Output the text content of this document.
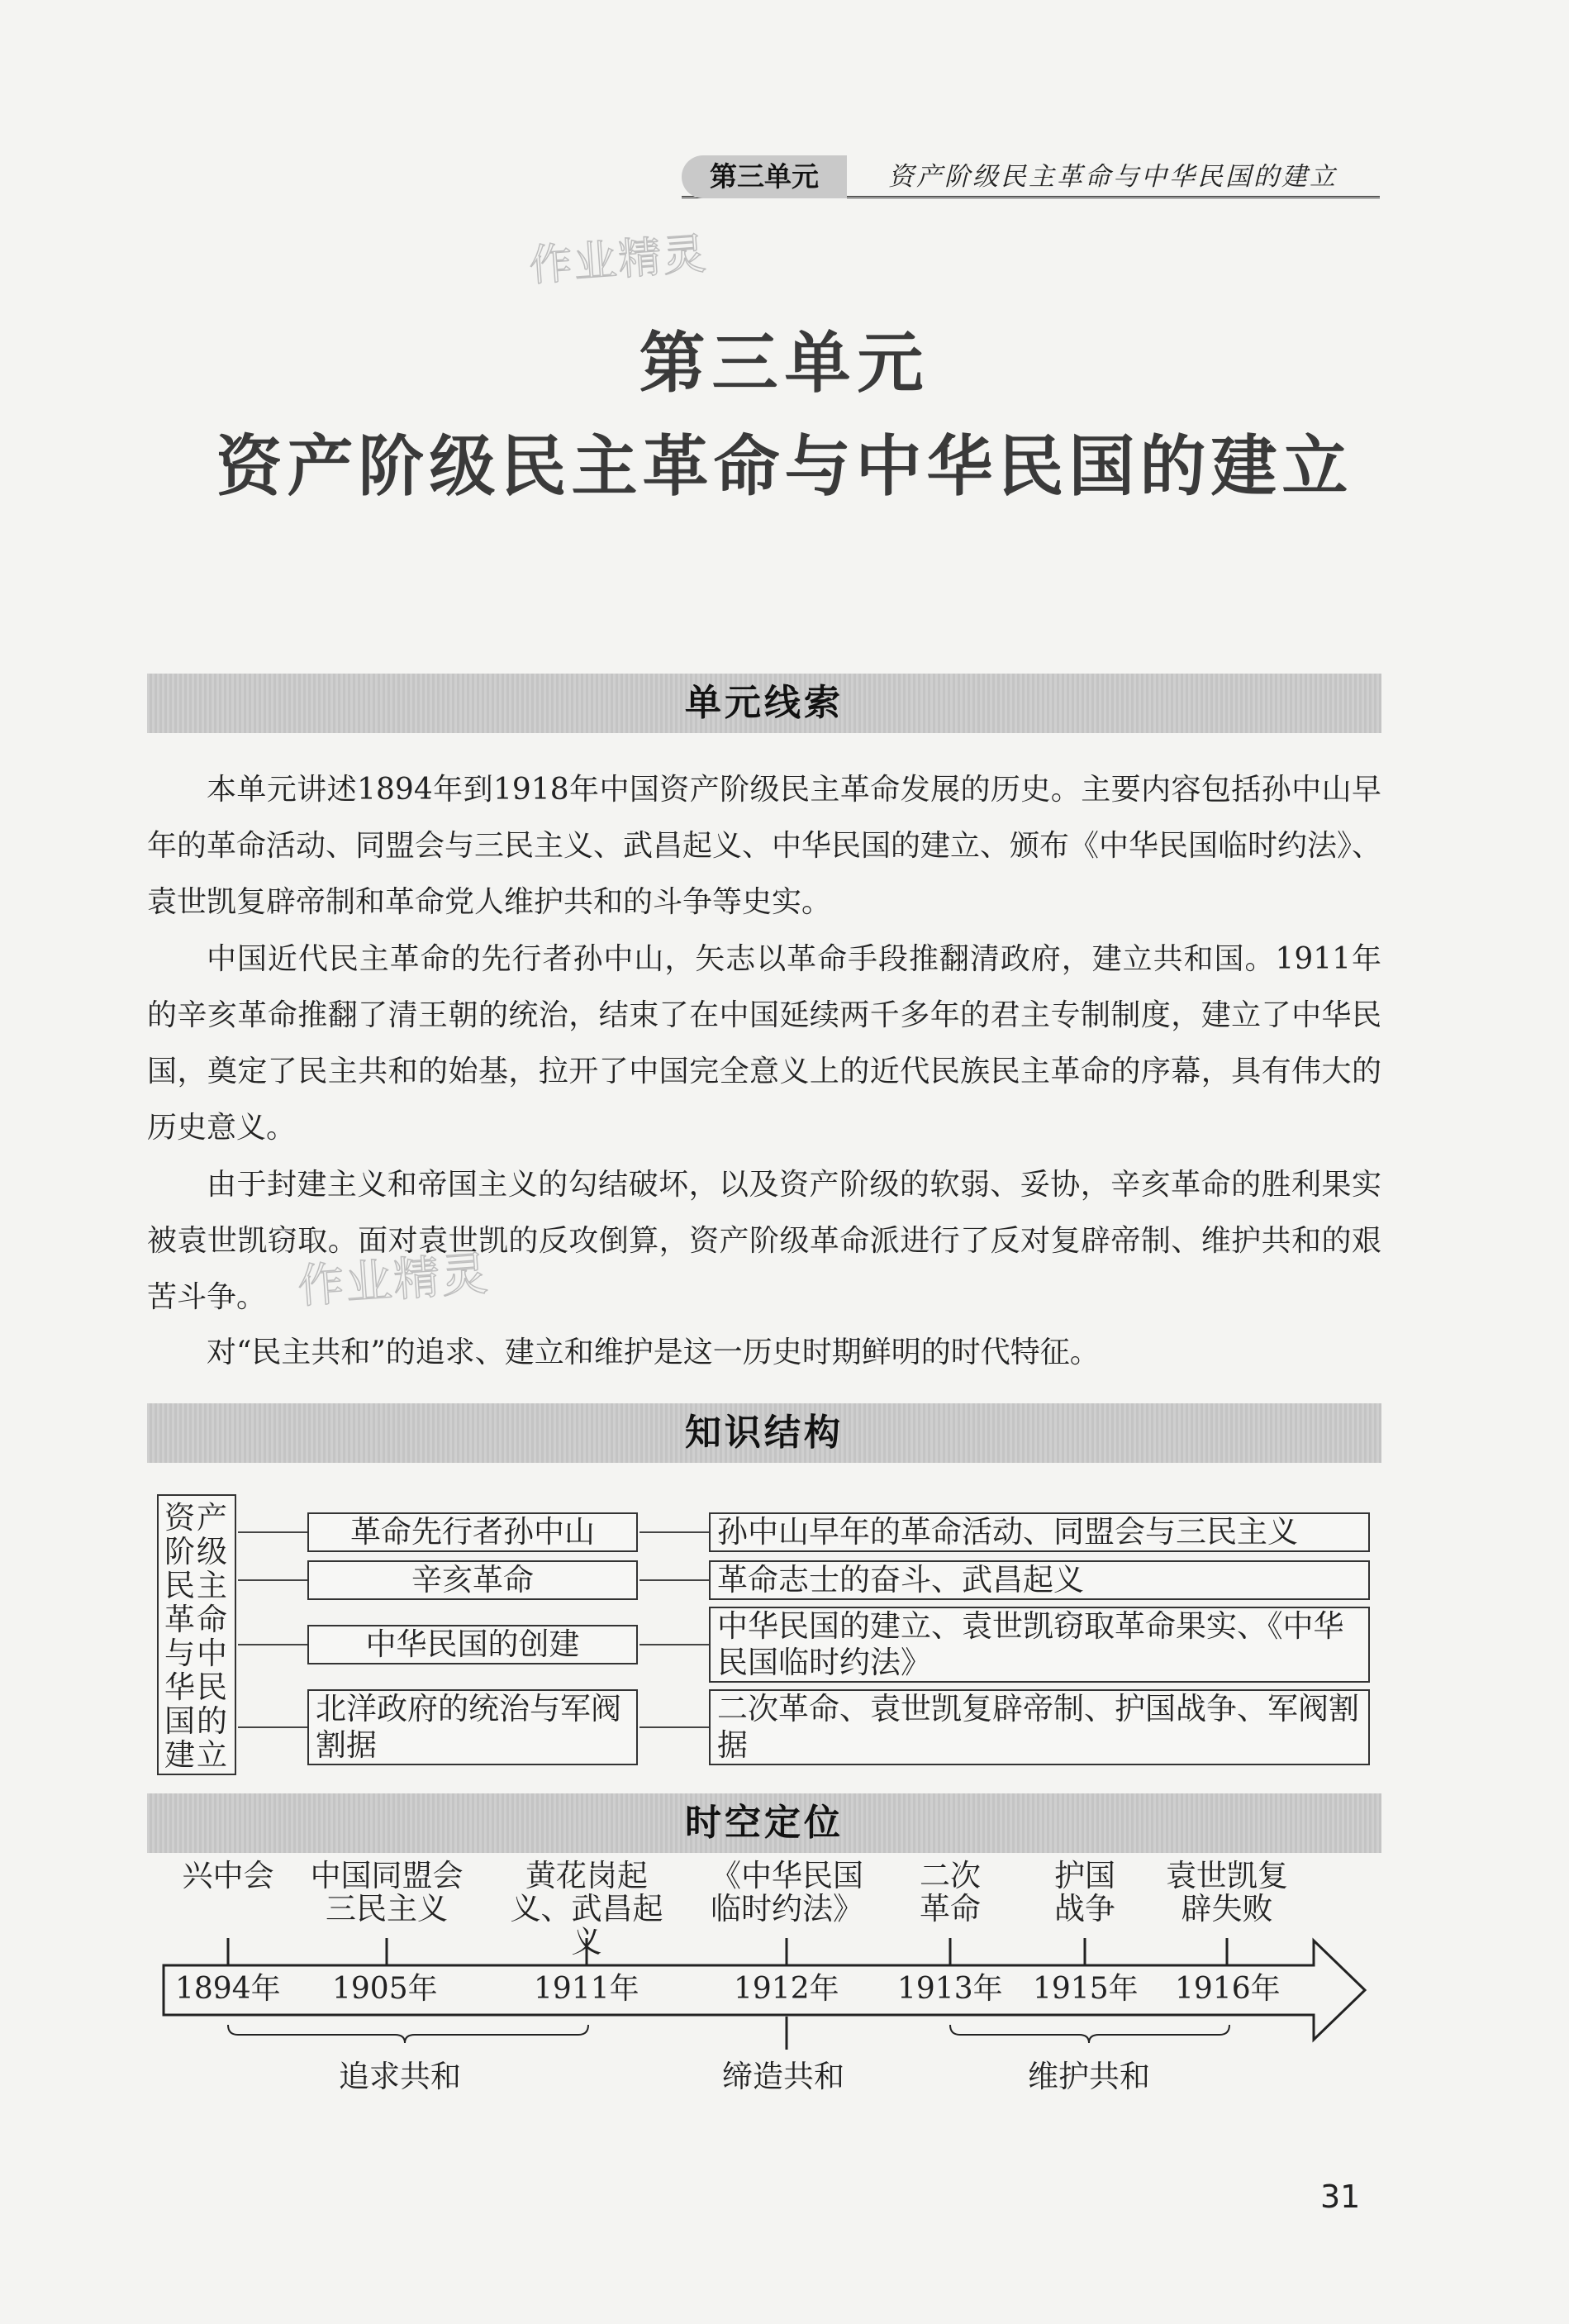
第三单元	资产阶级民主革命与中华民国的建立
作业精灵
作业精灵
第三单元
资产阶级民主革命与中华民国的建立
单元线索

本单元讲述1894年到1918年中国资产阶级民主革命发展的历史。主要内容包括孙中山早年的革命活动、同盟会与三民主义、武昌起义、中华民国的建立、颁布《中华民国临时约法》、袁世凯复辟帝制和革命党人维护共和的斗争等史实。

中国近代民主革命的先行者孙中山，矢志以革命手段推翻清政府，建立共和国。1911年的辛亥革命推翻了清王朝的统治，结束了在中国延续两千多年的君主专制制度，建立了中华民国，奠定了民主共和的始基，拉开了中国完全意义上的近代民族民主革命的序幕，具有伟大的历史意义。

由于封建主义和帝国主义的勾结破坏，以及资产阶级的软弱、妥协，辛亥革命的胜利果实被袁世凯窃取。面对袁世凯的反攻倒算，资产阶级革命派进行了反对复辟帝制、维护共和的艰苦斗争。

对“民主共和”的追求、建立和维护是这一历史时期鲜明的时代特征。

知识结构
资产阶级民主革命与中华民国的建立
革命先行者孙中山
辛亥革命
中华民国的创建
北洋政府的统治与军阀割据
孙中山早年的革命活动、同盟会与三民主义
革命志士的奋斗、武昌起义
中华民国的建立、袁世凯窃取革命果实、《中华民国临时约法》
二次革命、袁世凯复辟帝制、护国战争、军阀割据
时空定位
兴中会	中国同盟会三民主义
黄花岗起义、武昌起义
《中华民国临时约法》
二次革命
护国战争
袁世凯复辟失败
1894年 1905年	1911年	1912年 1913年 1915年 1916年
追求共和	缔造共和	维护共和
31
